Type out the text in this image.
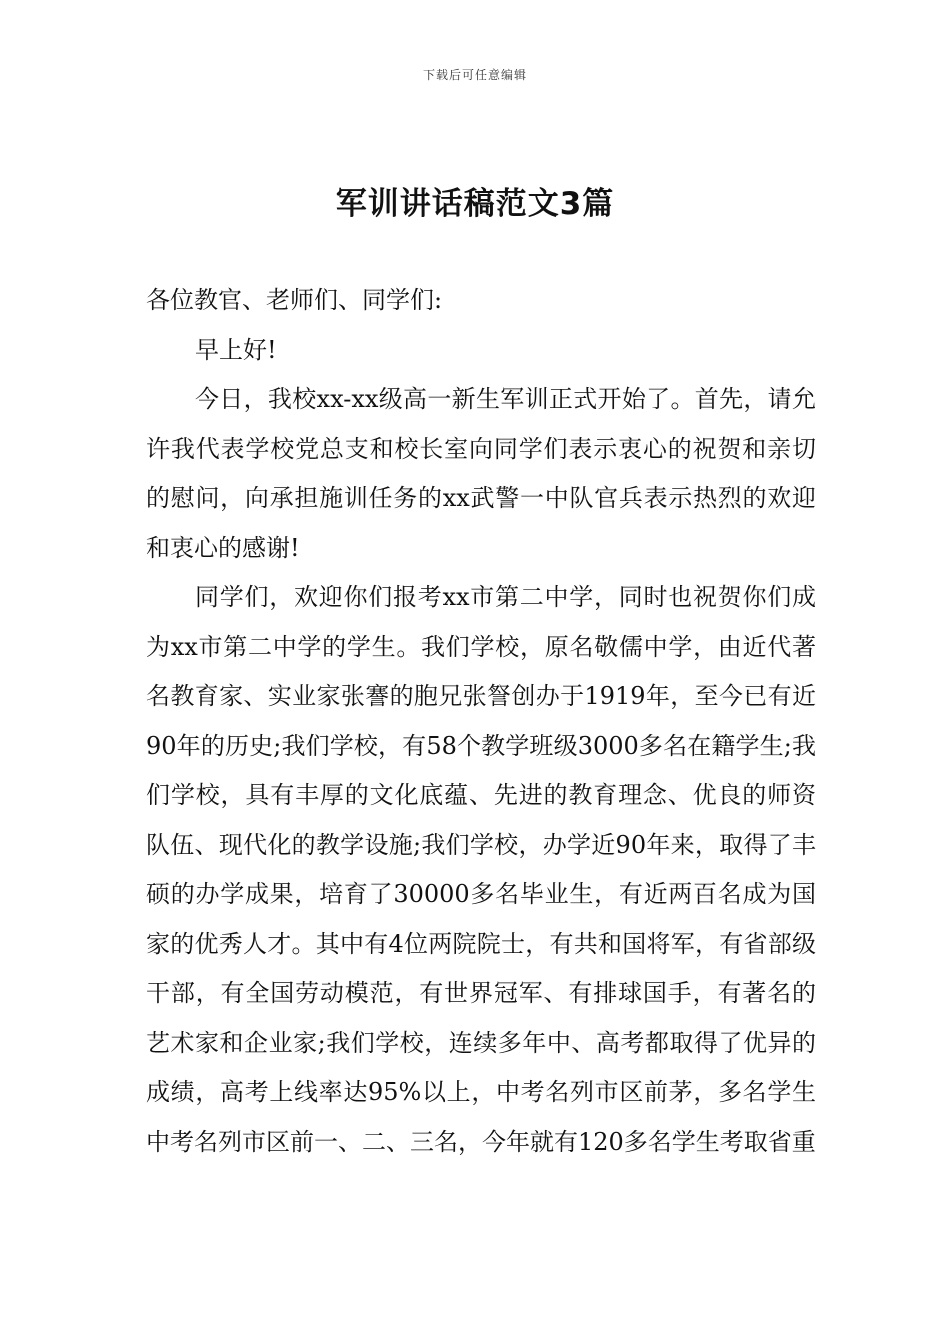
下载后可任意编辑
军训讲话稿范文3篇

各位教官、老师们、同学们:

早上好!

今日，我校xx-xx级高一新生军训正式开始了。首先，请允许我代表学校党总支和校长室向同学们表示衷心的祝贺和亲切的慰问，向承担施训任务的xx武警一中队官兵表示热烈的欢迎和衷心的感谢!

同学们，欢迎你们报考xx市第二中学，同时也祝贺你们成为xx市第二中学的学生。我们学校，原名敬儒中学，由近代著名教育家、实业家张謇的胞兄张詧创办于1919年，至今已有近90年的历史;我们学校，有58个教学班级3000多名在籍学生;我们学校，具有丰厚的文化底蕴、先进的教育理念、优良的师资队伍、现代化的教学设施;我们学校，办学近90年来，取得了丰硕的办学成果，培育了30000多名毕业生，有近两百名成为国家的优秀人才。其中有4位两院院士，有共和国将军，有省部级干部，有全国劳动模范，有世界冠军、有排球国手，有著名的艺术家和企业家;我们学校，连续多年中、高考都取得了优异的成绩，高考上线率达95%以上，中考名列市区前茅，多名学生中考名列市区前一、二、三名，今年就有120多名学生考取省重
